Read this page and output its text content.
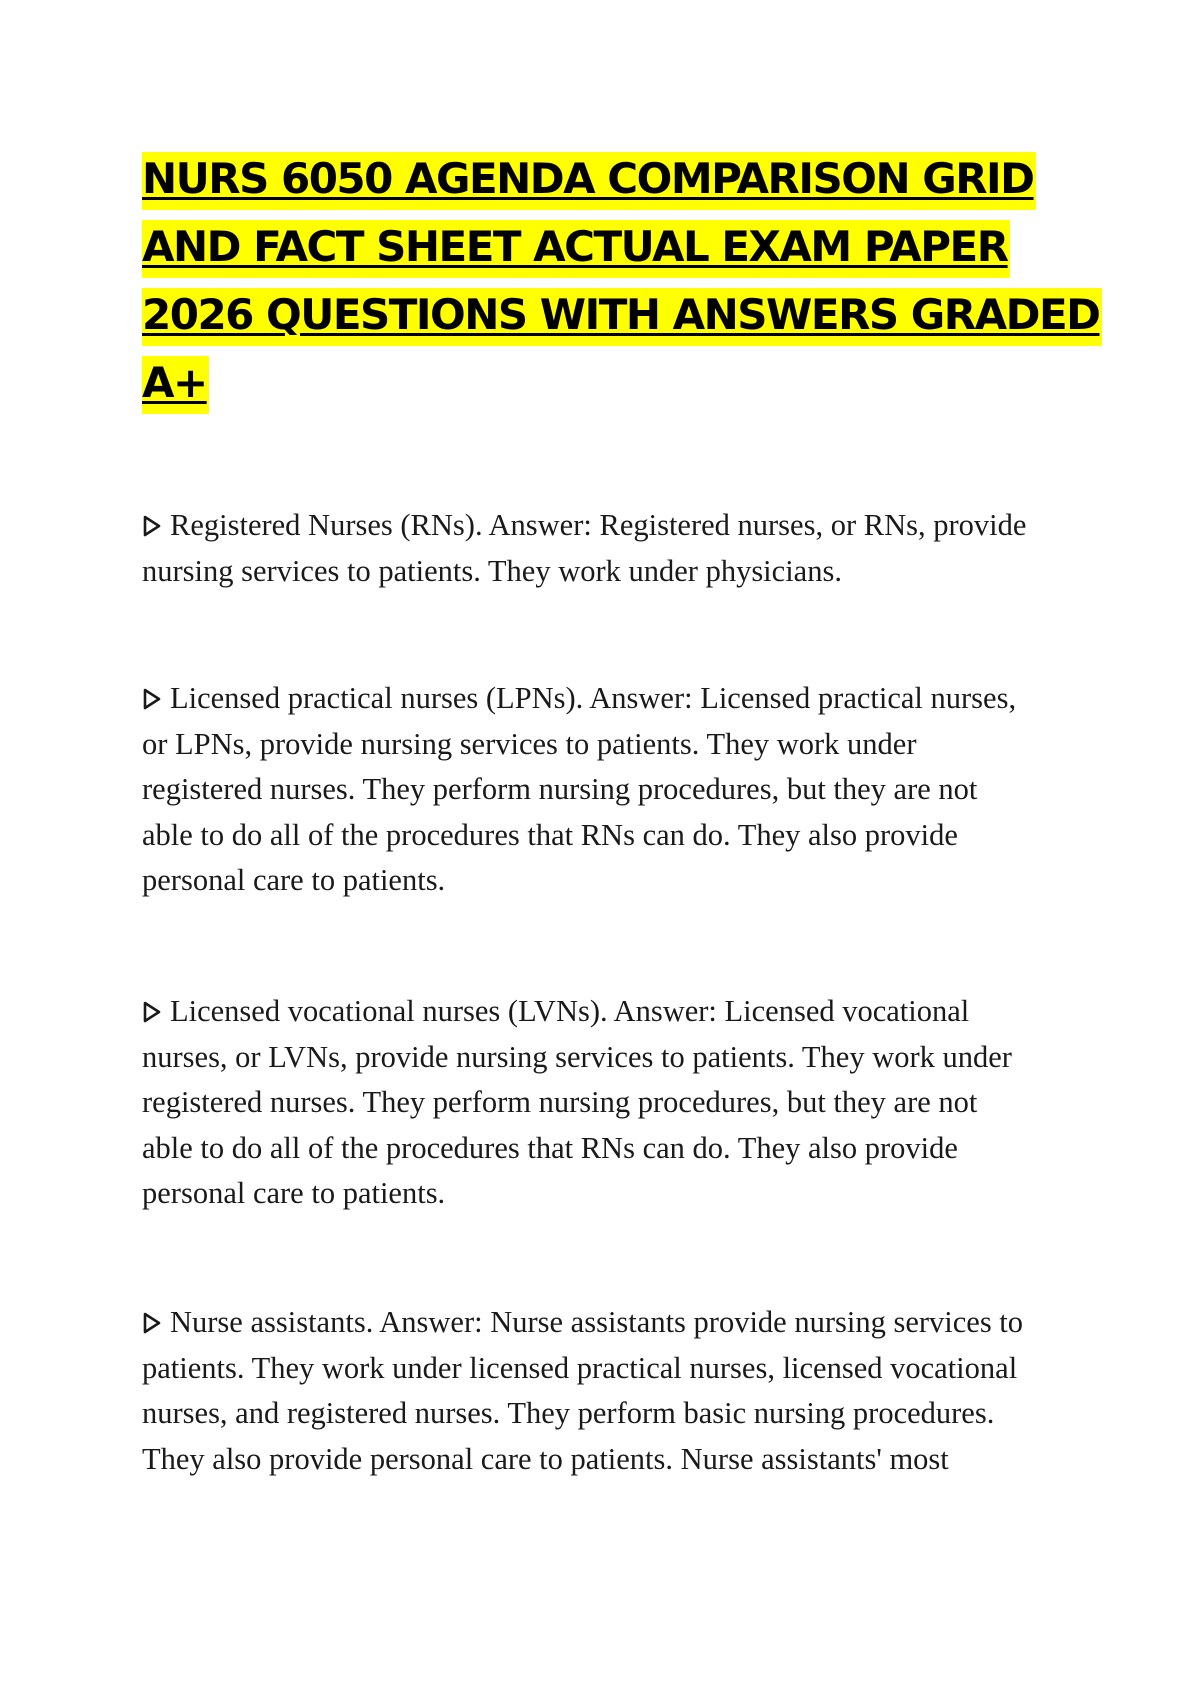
NURS 6050 AGENDA COMPARISON GRID
AND FACT SHEET ACTUAL EXAM PAPER
2026 QUESTIONS WITH ANSWERS GRADED
A+
Registered Nurses (RNs). Answer: Registered nurses, or RNs, provide
nursing services to patients. They work under physicians.
Licensed practical nurses (LPNs). Answer: Licensed practical nurses,
or LPNs, provide nursing services to patients. They work under
registered nurses. They perform nursing procedures, but they are not
able to do all of the procedures that RNs can do. They also provide
personal care to patients.
Licensed vocational nurses (LVNs). Answer: Licensed vocational
nurses, or LVNs, provide nursing services to patients. They work under
registered nurses. They perform nursing procedures, but they are not
able to do all of the procedures that RNs can do. They also provide
personal care to patients.
Nurse assistants. Answer: Nurse assistants provide nursing services to
patients. They work under licensed practical nurses, licensed vocational
nurses, and registered nurses. They perform basic nursing procedures.
They also provide personal care to patients. Nurse assistants' most
